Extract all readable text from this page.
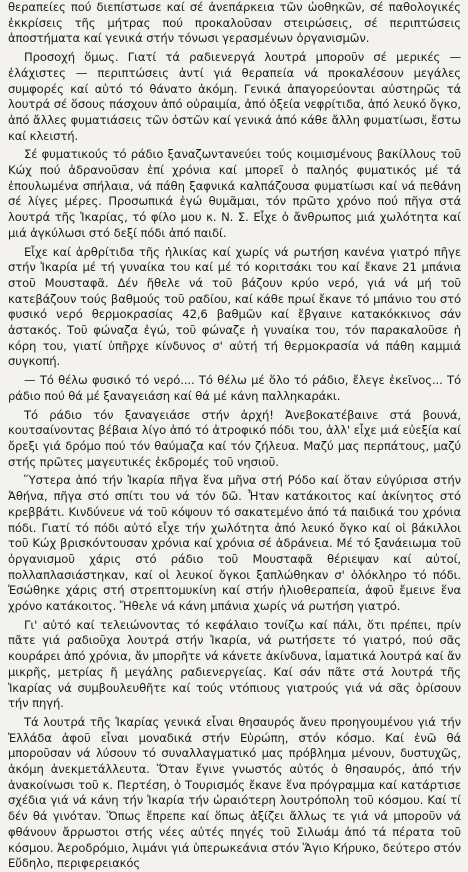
θεραπείες πού διεπίστωσε καί σέ ἀνεπάρκεια τῶν ὠοθηκῶν, σέ παθολογικές ἐκκρίσεις τῆς μήτρας πού προκαλοῦσαν στειρώσεις, σέ περιπτώσεις ἀποστήματα καί γενικά στήν τόνωσι γερασμένων ὀργανισμῶν.

Προσοχή ὅμως. Γιατί τά ραδιενεργά λουτρά μποροῦν σέ μερικές — ἐλάχιστες — περιπτώσεις ἀντί γιά θεραπεία νά προκαλέσουν μεγάλες συμφορές καί αὐτό τό θάνατο ἀκόμη. Γενικά ἀπαγορεύονται αὐστηρῶς τά λουτρά σέ ὅσους πάσχουν ἀπό οὐραιμία, ἀπό ὀξεία νεφρίτιδα, ἀπό λευκό ὄγκο, ἀπό ἄλλες φυματιάσεις τῶν ὀστῶν καί γενικά ἀπό κάθε ἄλλη φυματίωσι, ἔστω καί κλειστή.

Σέ φυματικούς τό ράδιο ξαναζωντανεύει τούς κοιμισμένους βακίλλους τοῦ Κώχ πού ἀδρανοῦσαν ἐπί χρόνια καί μπορεῖ ὁ παληός φυματικός μέ τά ἐπουλωμένα σπήλαια, νά πάθη ξαφνικά καλπάζουσα φυματίωσι καί νά πεθάνη σέ λίγες μέρες. Προσωπικά ἐγώ θυμᾶμαι, τόν πρῶτο χρόνο πού πῆγα στά λουτρά τῆς Ἰκαρίας, τό φίλο μου κ. Ν. Σ. Εἶχε ὁ ἄνθρωπος μιά χωλότητα καί μιά ἀγκύλωσι στό δεξί πόδι ἀπό παιδί.

Εἶχε καί ἀρθρίτιδα τῆς ἡλικίας καί χωρίς νά ρωτήση κανένα γιατρό πῆγε στήν Ἰκαρία μέ τή γυναίκα του καί μέ τό κοριτσάκι του καί ἔκανε 21 μπάνια στοῦ Μουσταφᾶ. Δέν ἤθελε νά τοῦ βάζουν κρύο νερό, γιά νά μή τοῦ κατεβάζουν τούς βαθμούς τοῦ ραδίου, καί κάθε πρωί ἔκανε τό μπάνιο του στό φυσικό νερό θερμοκρασίας 42,6 βαθμῶν καί ἔβγαινε κατακόκκινος σάν ἀστακός. Τοῦ φώναζα ἐγώ, τοῦ φώναζε ἡ γυναίκα του, τόν παρακαλοῦσε ἡ κόρη του, γιατί ὑπῆρχε κίνδυνος σ' αὐτή τή θερμοκρασία νά πάθη καμμιά συγκοπή.

— Τό θέλω φυσικό τό νερό.... Τό θέλω μέ ὅλο τό ράδιο, ἔλεγε ἐκεῖνος... Τό ράδιο πού θά μέ ξαναγειάση καί θά μέ κάνη παλληκαράκι.

Τό ράδιο τόν ξαναγειάσε στήν ἀρχή! Ἀνεβοκατέβαινε στά βουνά, κουτσαίνοντας βέβαια λίγο ἀπό τό ἀτροφικό πόδι του, ἀλλ' εἶχε μιά εὐεξία καί ὄρεξι γιά δρόμο πού τόν θαύμαζα καί τόν ζήλευα. Μαζύ μας περπάτους, μαζύ στής πρῶτες μαγευτικές ἐκδρομές τοῦ νησιοῦ.

Ὕστερα ἀπό τήν Ἰκαρία πῆγα ἕνα μῆνα στή Ρόδο καί ὅταν εὐγύρισα στήν Ἀθήνα, πῆγα στό σπίτι του νά τόν δῶ. Ἦταν κατάκοιτος καί ἀκίνητος στό κρεββάτι. Κινδύνευε νά τοῦ κόψουν τό σακατεμένο ἀπό τά παιδικά του χρόνια πόδι. Γιατί τό πόδι αὐτό εἶχε τήν χωλότητα ἀπό λευκό ὄγκο καί οἱ βάκιλλοι τοῦ Κώχ βρισκόντουσαν χρόνια καί χρόνια σέ ἀδράνεια. Μέ τό ξανάειωμα τοῦ ὀργανισμοῦ χάρις στό ράδιο τοῦ Μουσταφᾶ θέριεψαν καί αὐτοί, πολλαπλασιάστηκαν, καί οἱ λευκοί ὄγκοι ξαπλώθηκαν σ' ὁλόκληρο τό πόδι. Ἐσώθηκε χάρις στή στρεπτομυκίνη καί στήν ἡλιοθεραπεία, ἀφοῦ ἔμεινε ἕνα χρόνο κατάκοιτος. Ἤθελε νά κάνη μπάνια χωρίς νά ρωτήση γιατρό.

Γι' αὐτό καί τελειώνοντας τό κεφάλαιο τονίζω καί πάλι, ὅτι πρέπει, πρίν πᾶτε γιά ραδιοῦχα λουτρά στήν Ἰκαρία, νά ρωτήσετε τό γιατρό, πού σᾶς κουράρει ἀπό χρόνια, ἄν μπορῆτε νά κάνετε ἀκίνδυνα, ἰαματικά λουτρά καί ἄν μικρῆς, μετρίας ἤ μεγάλης ραδιενεργείας. Καί σάν πᾶτε στά λουτρά τῆς Ἰκαρίας νά συμβουλευθῆτε καί τούς ντόπιους γιατρούς γιά νά σᾶς ὁρίσουν τήν πηγή.

Τά λουτρά τῆς Ἰκαρίας γενικά εἶναι θησαυρός ἄνευ προηγουμένου γιά τήν Ἑλλάδα ἀφοῦ εἶναι μοναδικά στήν Εὐρώπη, στόν κόσμο. Καί ἐνῶ θά μποροῦσαν νά λύσουν τό συναλλαγματικό μας πρόβλημα μένουν, δυστυχῶς, ἀκόμη ἀνεκμετάλλευτα. Ὅταν ἔγινε γνωστός αὐτός ὁ θησαυρός, ἀπό τήν ἀνακοίνωσι τοῦ κ. Περτέση, ὁ Τουρισμός ἔκανε ἕνα πρόγραμμα καί κατάρτισε σχέδια γιά νά κάνη τήν Ἰκαρία τήν ὡραιότερη λουτρόπολη τοῦ κόσμου. Καί τί δέν θά γινόταν. Ὅπως ἔπρεπε καί ὅπως ἀξίζει ἄλλως τε γιά νά μποροῦν νά φθάνουν ἄρρωστοι στής νέες αὐτές πηγές τοῦ Σιλωάμ ἀπό τά πέρατα τοῦ κόσμου. Ἀεροδρόμιο, λιμάνι γιά ὑπερωκεάνια στόν Ἅγιο Κήρυκο, δεύτερο στόν Εὔδηλο, περιφερειακός
